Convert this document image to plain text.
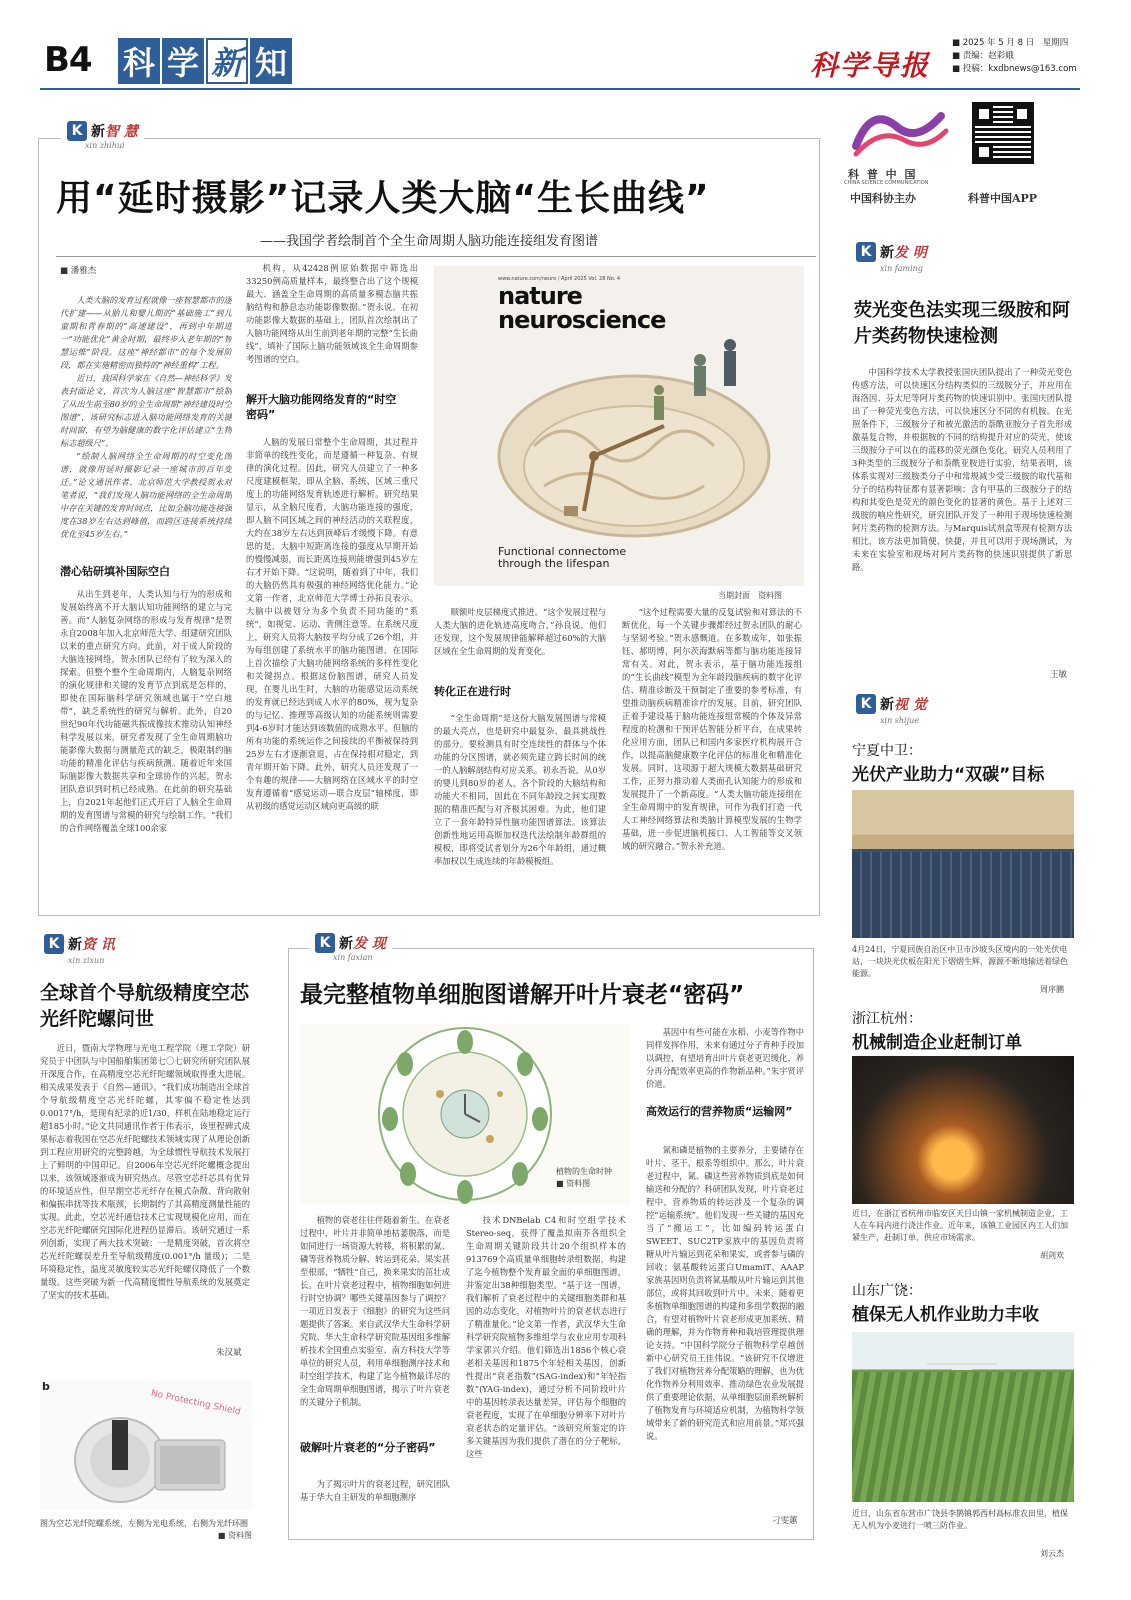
B4 科 学 新 知	科学导报
■ 2025 年 5 月 8 日　星期四
■ 责编：赵彩娥
■ 投稿：kxdbnews@163.com
科 普 中 国
CHINA SCIENCE COMMUNICATION
中国科协主办	科普中国APP
K 新智 慧
xin zhihui
用“延时摄影”记录人类大脑“生长曲线”
——我国学者绘制首个全生命周期人脑功能连接组发育图谱
■ 潘雅杰

人类大脑的发育过程就像一座智慧都市的逐代扩建——从胎儿和婴儿期的“基础施工”到儿童期和青春期的“高速建设”，再到中年期进一“功能优化”黄金时期，最终步入老年期的“智慧运维”阶段。这座“神经都市”的每个发展阶段，都在实施精密而独特的“神经重构”工程。

近日，我国科学家在《自然—神经科学》发表封面论文，首次为人脑这座“智慧都市”绘制了从出生前至80岁的全生命周期“神经建设时空图谱”，该研究标志进入脑功能网络发育的关键时间窗，有望为脑健康的数字化评估建立“生物标志超级尺”。

“绘制人脑网络全生命周期的时空变化图谱，就像用延时摄影记录一座城市的百年变迁。”论文通讯作者、北京师范大学教授贺永对笔者说，“我们发现人脑功能网络的全生命周期中存在关键的发育时间点，比如全脑功能连接强度在38岁左右达到峰值，而跨区连接系统持续优化至45岁左右。”

潜心钻研填补国际空白

从出生到老年，人类认知与行为的形成和发展始终离不开大脑认知功能网络的建立与完善。而“人脑复杂网络的形成与发育规律”是贺永自2008年加入北京师范大学、组建研究团队以来的重点研究方向。此前，对于成人阶段的大脑连接网络，贺永团队已经有了较为深入的探索。但整个整个生命周期内，人脑复杂网络的演化规律和关键的发育节点到底是怎样的，即使在国际脑科学研究领域也属于“空白地带”，缺乏系统性的研究与解析。此外，自20世纪90年代功能磁共振成像技术推动认知神经科学发展以来，研究者发现了全生命周期脑功能影像大数据与测量范式的缺乏，极限制约脑功能的精准化评估与疾病预测。随着近年来国际脑影像大数据共享和全球协作的兴起，贺永团队意识到时机已经成熟。在此前的研究基础上，自2021年起他们正式开启了人脑全生命周期的发育图谱与常模的研究与绘制工作。“我们的合作网络覆盖全球100余家

机构，从42428例原始数据中筛选出33250例高质量样本，最终整合出了这个规模最大、涵盖全生命周期的高质量多模态脑共振脑结构和静息态功能影像数据。”贺永说。在初功能影像大数据的基础上，团队首次绘制出了人脑功能网络从出生前到老年期的完整“生长曲线”，填补了国际上脑功能领域该全生命周期参考图谱的空白。

解开大脑功能网络发育的“时空密码”

人脑的发展日常整个生命周期，其过程并非简单的线性变化，而是遵循一种复杂、有规律的演化过程。因此，研究人员建立了一种多尺度建模框架，即从全脑、系统、区域三重尺度上的功能网络发育轨迹进行解析。研究结果显示，从全脑尺度看，大脑功能连接的强度，即人脑不同区域之间的神经活动的关联程度，大约在38岁左右达到顶峰后才缓慢下降。有意思的是，大脑中短距离连接的强度从早期开始的慢慢减弱，而长距离连接则能增强到45岁左右才开始下降。“这说明，随着到了中年，我们的大脑仍然具有极强的神经网络优化能力。”论文第一作者，北京师范大学博士孙拓良表示。大脑中以被划分为多个负责不同功能的“系统”，如视觉、运动、背侧注意等。在系统尺度上，研究人员将大脑按平均分成了26个组，并为每组创建了系统水平的脑功能图谱，在国际上首次描绘了大脑功能网络系统的多样性变化和关键拐点。根据这份脑图谱，研究人员发现，在婴儿出生时，大脑的功能感觉运动系统的发育就已经达到成人水平的80%，视为复杂的与记忆、推理等高级认知的功能系统则需要到4-6岁时才能达到该数值的成熟水平。但脑的所有功能的系统运作之间接续的平衡被保持到25岁左右才逐渐衰退，占在保持相对稳定，到青年期开始下降。此外，研究人员还发现了一个有趣的规律——大脑网络在区域水平的时空发育遵循着“感觉运动—联合皮层”轴梯度，即从初级的感觉运动区域向更高级的联

www.nature.com/neuro / April 2025 Vol. 28 No. 4
nature neuroscience
Functional connectome through the lifespan
当期封面　资料图

顺额叶皮层梯度式推进。“这个发展过程与人类大脑的进化轨迹高度吻合，”孙良说，他们还发现，这个发展规律能解释超过60%的大脑区域在全生命周期的发育变化。

转化正在进行时

“全生命周期”是这份大脑发展图谱与常模的最大亮点，也是研究中最复杂、最具挑战性的部分。要检测具有时空连续性的群体与个体功能的分区图谱，就必须先建立跨长时间的统一的人脑解剖结构对应关系。初永吾说，从0岁的婴儿到80岁的老人，各个阶段的大脑结构和功能大不相同，因此在不同年龄段之间实现数据的精准匹配与对齐极其困难。为此，他们建立了一套年龄特异性脑功能图谱算法。该算法创新性地运用高斯加权迭代法绘制年龄群组的模板，即将受试者划分为26个年龄组，通过概率加权以生成连续的年龄模板组。

“这个过程需要大量的反复试验和对算法的不断优化，每一个关键步骤都经过贺永团队的耐心与坚韧考验。”贺永感慨道。在多数成年，如张振钰、郝明博，阿尔茨海默病等都与脑功能连接异常有关。对此，贺永表示，基于脑功能连接组的“生长曲线”模型为全年龄段脑疾病的数字化评估、精准诊断及干预制定了重要的参考标准，有望推动脑疾病精准诊疗的发展。目前，研究团队正着手建设基于脑功能连接组常模的个体及异常程度的检测和干预评估智能分析平台，在成果转化应用方面，团队已和国内多家医疗机构展开合作，以提高脑健康数字化评估的标准化和精准化发展。同时，这项源于超大规模大数据基础研究工作，正努力推动着人类面孔认知能力的形成和发展提升了一个新高度。“人类大脑功能连接组在全生命周期中的发育规律，可作为我们打造一代人工神经网络算法和类脑计算模型发展的生物学基础，进一步促进脑机接口、人工智能等交叉领域的研究融合。”贺永补充道。

K 新资 讯
xin zixun
全球首个导航级精度空芯光纤陀螺问世

近日，暨南大学物理与光电工程学院（理工学院）研究员于中团队与中国船舶集团第七〇七研究所研究团队展开深度合作，在高精度空芯光纤陀螺领域取得重大进展。相关成果发表于《自然—通讯》。“我们成功制造出全球首个导航级精度空芯光纤陀螺，其零偏不稳定性达到0.0017°/h，是现有纪录的近1/30，样机在陆地稳定运行超185小时。”论文共同通讯作者于伟表示，该里程碑式成果标志着我国在空芯光纤陀螺技术领域实现了从理论创新到工程应用研究的完整跨越，为全球惯性导航技术发展打上了鲜明的中国印记。自2006年空芯光纤陀螺概念提出以来，该领域逐渐成为研究热点。尽管空芯纤芯具有优异的环境适应性，但早期空芯光纤存在模式杂散、背向散射和偏振串扰等技术瓶颈，长期制约了其高精度测量性能的实现。此此，空芯光纤通信技术已实现规模化应用，而在空芯光纤陀螺研究国际化进程仍显滞后。该研究通过一系列创新，实现了两大技术突破：一是精度突破，首次将空芯光纤陀螺误差升至导航级精度(0.001°/h 量级)；二是环境稳定性，温度灵敏度较实芯光纤陀螺仅降低了一个数量级。这些突破为新一代高精度惯性导航系统的发展奠定了坚实的技术基础。

朱汉斌
b
No Protecting Shield
图为空芯光纤陀螺系统，左侧为光电系统，右侧为光纤环圈
■ 资料图
K 新发 现
xin faxian
最完整植物单细胞图谱解开叶片衰老“密码”
植物的生命时钟
■ 资料图

植物的衰老往往伴随着新生。在衰老过程中，叶片并非简单地枯萎脱落，而是如同进行一场资源大转移，将积累的氮、磷等营养物质分解、转运到花朵、果实甚至根部，“牺牲”自己，换来果实的茁壮成长。在叶片衰老过程中，植物细胞如何进行时空协调？哪些关键基因参与了调控？一项近日发表于《细胞》的研究为这些问题提供了答案。来自武汉华大生命科学研究院、华大生命科学研究院基因组多维解析技术全国重点实验室、南方科技大学等单位的研究人员，利用单细胞测序技术和时空组学技术，构建了迄今植物最详尽的全生命周期单细胞图谱，揭示了叶片衰老的关键分子机制。

破解叶片衰老的“分子密码”

为了揭示叶片的衰老过程，研究团队基于华大自主研发的单细胞测序

技术DNBelab C4和时空组学技术Stereo-seq，获得了覆盖拟南芥各组织全生命周期关键阶段共计20个组织样本的913769个高质量单细胞转录组数据，构建了迄今植物整个发育最全面的单细胞图谱，并鉴定出38种细胞类型。“基于这一图谱，我们解析了衰老过程中的关键细胞类群和基因的动态变化，对植物叶片的衰老状态进行了精准量化。”论文第一作者，武汉华大生命科学研究院植物多维组学与农业应用专项科学家郭兴介绍。他们筛选出1856个核心衰老相关基因和1875个年轻相关基因，创新性提出“衰老指数”(SAG-index)和“年轻指数”(YAG-index)，通过分析不同阶段叶片中的基因转录表达量差异，评估每个细胞的衰老程度，实现了在单细胞分辨率下对叶片衰老状态的定量评估。“该研究所鉴定的许多关键基因为我们提供了潜在的分子靶标，这些

基因中有些可能在水稻、小麦等作物中同样发挥作用，未来有通过分子育种手段加以调控，有望培育出叶片衰老更迟缓化、养分再分配效率更高的作物新品种。”朱宇贤评价道。

高效运行的营养物质“运输网”

氮和磷是植物的主要养分，主要储存在叶片、茎干、根系等组织中。那么，叶片衰老过程中，氮、磷这些营养物质到底是如何输送和分配的？科研团队发现，叶片衰老过程中，营养物质的转运涉及一个复杂的调控“运输系统”。他们发现一些关键的基因充当了“搬运工”，比如编码转运蛋白SWEET、SUC2TP家族中的基因负责将糖从叶片输运到花朵和果实，或者参与磷的回收；氨基酸转运蛋白UmamiT、AAAP家族基因则负责将氮基酸从叶片输运到其他部位，或将其回收到叶片中。未来，随着更多植物单细胞图谱的构建和多组学数据的融合，有望对植物叶片衰老形成更加系统、精确的理解，并为作物育种和栽培管理提供理论支持。“中国科学院分子植物科学卓越创新中心研究员王佳伟说。“该研究不仅增进了我们对植物营养分配策略的理解，也为优化作物养分利用效率、推动绿色农业发展提供了重要理论依据，从单细胞层面系统解析了植物发育与环境适应机制，为植物科学领域带来了新的研究范式和应用前景。”郑兴强说。

刁雯蕙
K 新发 明
xin faming
荧光变色法实现三级胺和阿片类药物快速检测

中国科学技术大学教授张国庆团队提出了一种荧光变色传感方法，可以快速区分结构类似的三级胺分子，并应用在海洛因、芬太尼等阿片类药物的快速识别中。张国庆团队提出了一种荧光变色方法，可以快速区分不同的有机胺。在光照条件下，三级胺分子和被光激活的萘酰亚胺分子首先形成激基复合物，并根据胺的不同的结构提升对应的荧光，使该三级胺分子可以在的蓝移的荧光颜色变化。研究人员利用了3种类型的三级胺分子和萘酰亚胺进行实验，结果表明，该体系实现对三级胺类分子中和常规减少受三级胺的取代基和分子的结构特征都有显著影响；含有甲基的三级胺分子的结构和其变色是荧光的颜色变化的显著的黄色。基于上述对三级胺的响应性研究，研究团队开发了一种用于现场快速检测阿片类药物的检测方法。与Marquis试剂盒等现有检测方法相比，该方法更加简便、快捷，并且可以用于现场测试，为未来在实验室和现场对阿片类药物的快速识别提供了新思路。

王敏
K 新视 觉
xin shijue
宁夏中卫：
光伏产业助力“双碳”目标
4月24日，宁夏回族自治区中卫市沙坡头区境内的一处光伏电站，一块块光伏板在阳光下熠熠生辉，源源不断地输送着绿色能源。
周序鹏
浙江杭州：
机械制造企业赶制订单
近日，在浙江省杭州市临安区天目山镇一家机械制造企业，工人在车间内进行浇注作业。近年来，该镇工业园区内工人们加紧生产，赶制订单，供应市场需求。
胡剑欢
山东广饶：
植保无人机作业助力丰收
近日，山东省东营市广饶县李鹊镇郭西村高标准农田里，植保无人机为小麦进行一喷三防作业。
刘云杰
